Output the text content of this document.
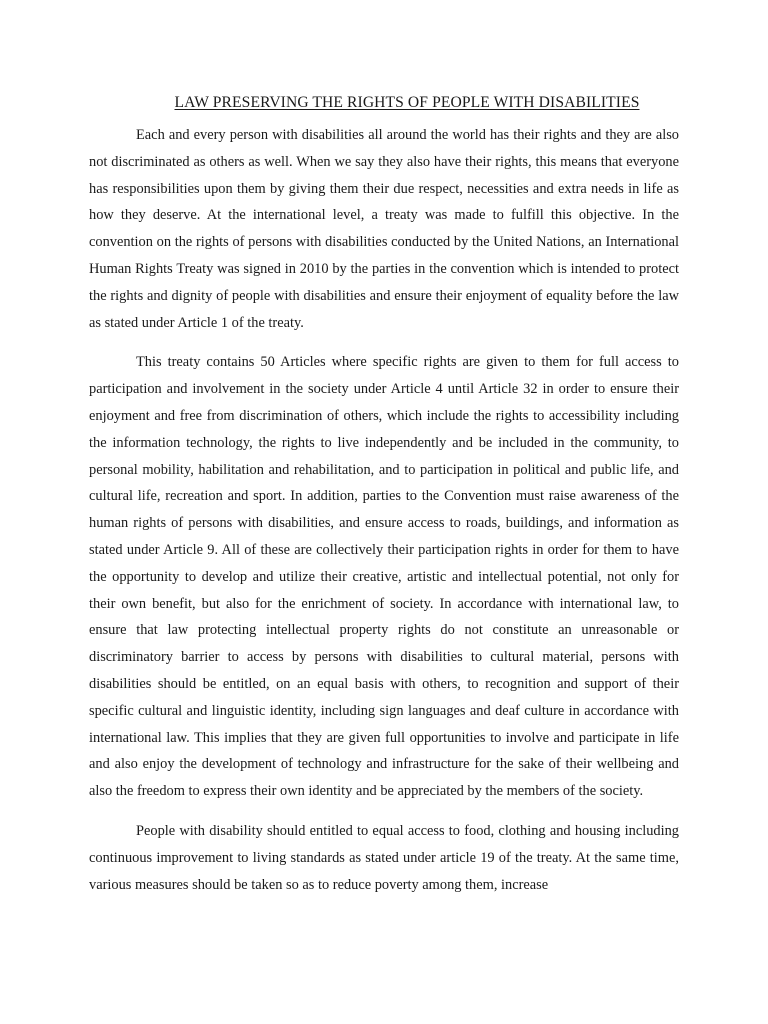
LAW PRESERVING THE RIGHTS OF PEOPLE WITH DISABILITIES

Each and every person with disabilities all around the world has their rights and they are also not discriminated as others as well. When we say they also have their rights, this means that everyone has responsibilities upon them by giving them their due respect, necessities and extra needs in life as how they deserve. At the international level, a treaty was made to fulfill this objective. In the convention on the rights of persons with disabilities conducted by the United Nations, an International Human Rights Treaty was signed in 2010 by the parties in the convention which is intended to protect the rights and dignity of people with disabilities and ensure their enjoyment of equality before the law as stated under Article 1 of the treaty.

This treaty contains 50 Articles where specific rights are given to them for full access to participation and involvement in the society under Article 4 until Article 32 in order to ensure their enjoyment and free from discrimination of others, which include the rights to accessibility including the information technology, the rights to live independently and be included in the community, to personal mobility, habilitation and rehabilitation, and to participation in political and public life, and cultural life, recreation and sport. In addition, parties to the Convention must raise awareness of the human rights of persons with disabilities, and ensure access to roads, buildings, and information as stated under Article 9. All of these are collectively their participation rights in order for them to have the opportunity to develop and utilize their creative, artistic and intellectual potential, not only for their own benefit, but also for the enrichment of society. In accordance with international law, to ensure that law protecting intellectual property rights do not constitute an unreasonable or discriminatory barrier to access by persons with disabilities to cultural material, persons with disabilities should be entitled, on an equal basis with others, to recognition and support of their specific cultural and linguistic identity, including sign languages and deaf culture in accordance with international law. This implies that they are given full opportunities to involve and participate in life and also enjoy the development of technology and infrastructure for the sake of their wellbeing and also the freedom to express their own identity and be appreciated by the members of the society.

People with disability should entitled to equal access to food, clothing and housing including continuous improvement to living standards as stated under article 19 of the treaty. At the same time, various measures should be taken so as to reduce poverty among them, increase
